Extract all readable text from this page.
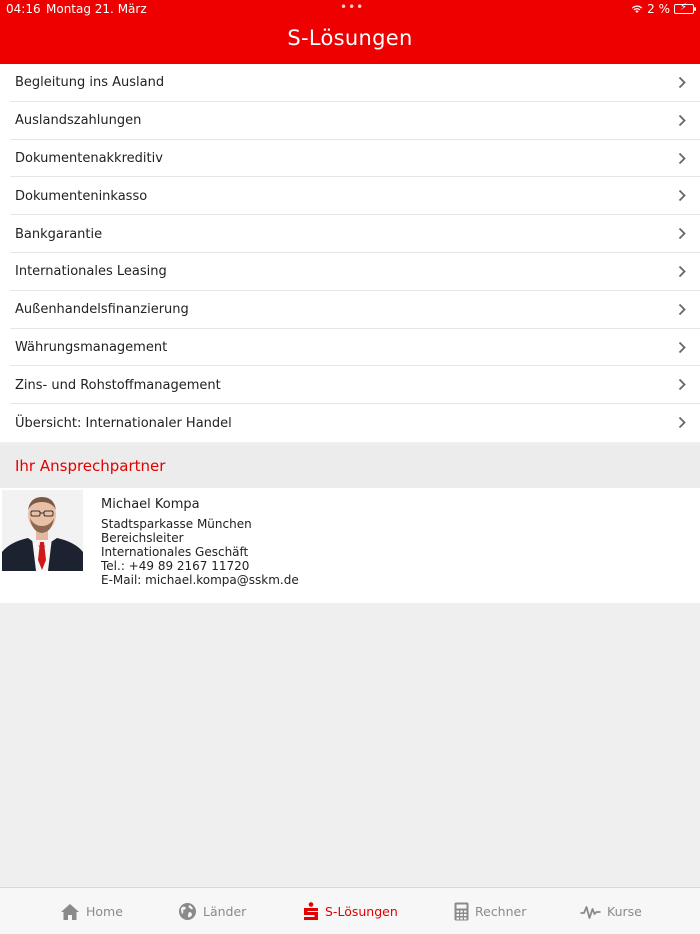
04:16 Montag 21. März	•••	2 % ⚡
S-Lösungen
Begleitung ins Ausland
Auslandszahlungen
Dokumentenakkreditiv
Dokumenteninkasso
Bankgarantie
Internationales Leasing
Außenhandelsfinanzierung
Währungsmanagement
Zins- und Rohstoffmanagement
Übersicht: Internationaler Handel
Ihr Ansprechpartner
Michael Kompa
Stadtsparkasse München
Bereichsleiter
Internationales Geschäft
Tel.: +49 89 2167 11720
E-Mail: michael.kompa@sskm.de
Home	Länder	S-Lösungen	Rechner	Kurse
